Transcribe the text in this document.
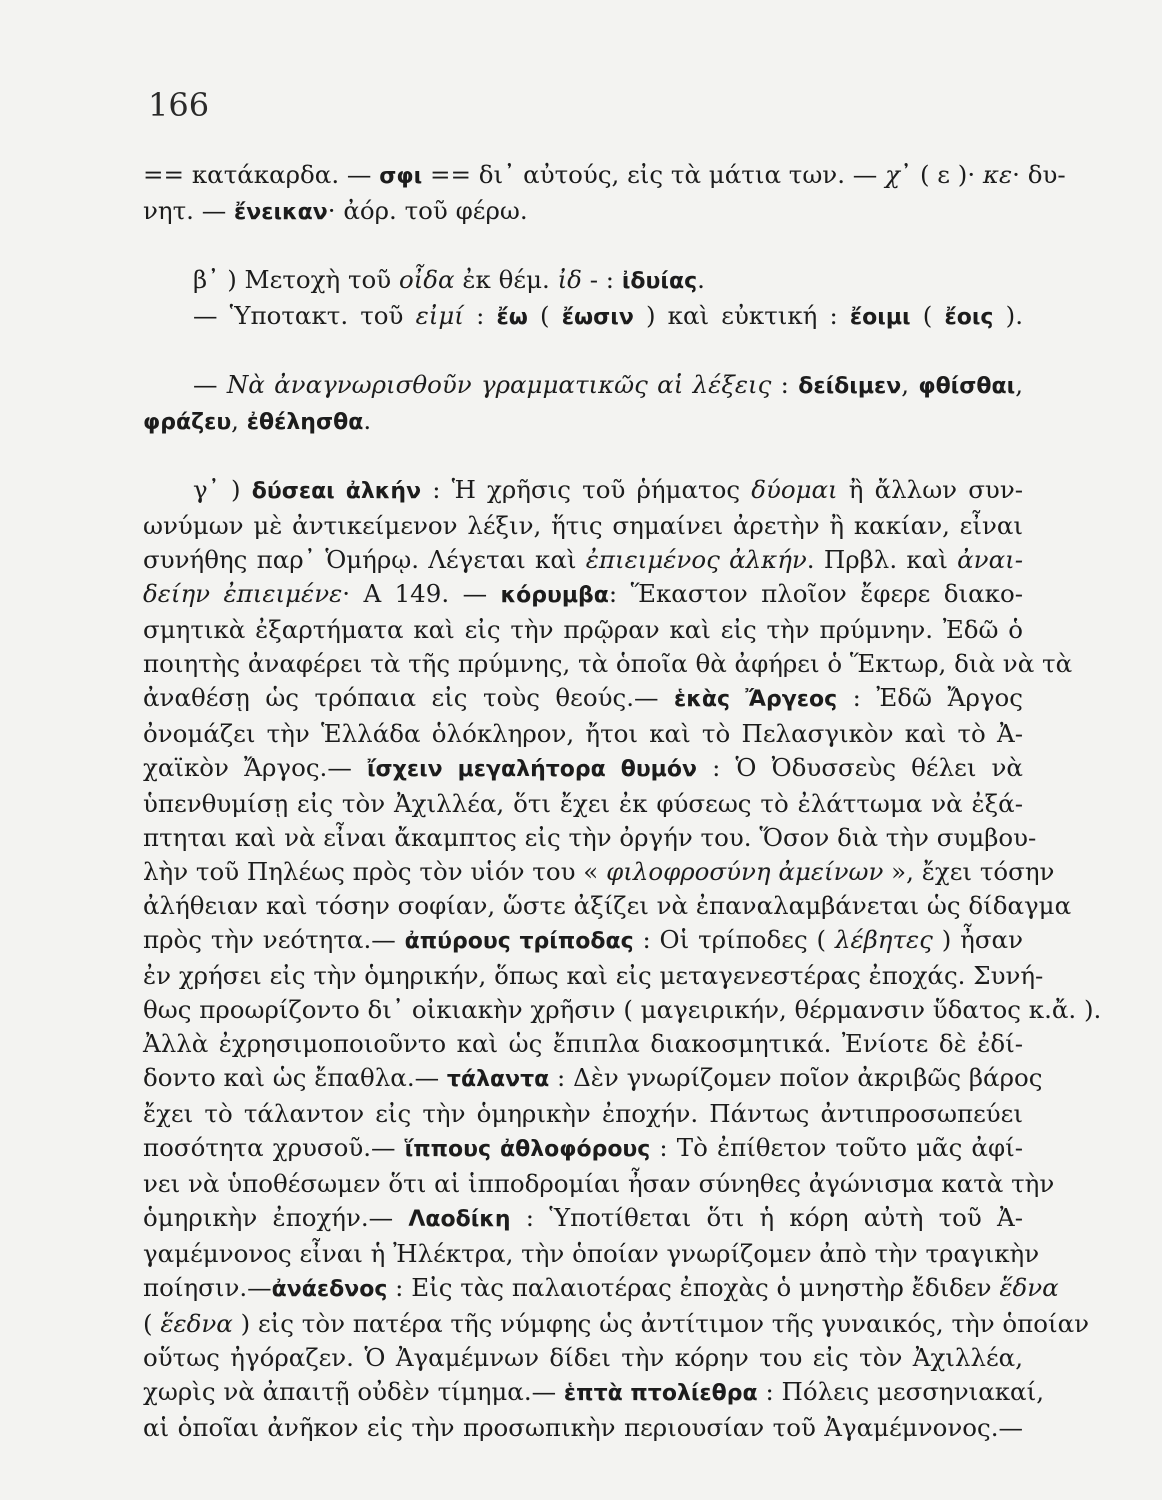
166
== κατάκαρδα. — σφι == δι᾽ αὐτούς, εἰς τὰ μάτια των. — χ᾽ ( ε )· κε· δυ-
νητ. — ἔνεικαν· ἀόρ. τοῦ φέρω.
β᾽ ) Μετοχὴ τοῦ οἶδα ἐκ θέμ. ἰδ - : ἰδυίας.
— Ὑποτακτ. τοῦ εἰμί : ἔω ( ἔωσιν ) καὶ εὐκτική : ἔοιμι ( ἔοις ).
— Νὰ ἀναγνωρισθοῦν γραμματικῶς αἱ λέξεις : δείδιμεν, φθίσθαι,
φράζευ, ἐθέλησθα.
γ᾽ ) δύσεαι ἀλκήν : Ἡ χρῆσις τοῦ ῥήματος δύομαι ἢ ἄλλων συν-
ωνύμων μὲ ἀντικείμενον λέξιν, ἥτις σημαίνει ἀρετὴν ἢ κακίαν, εἶναι
συνήθης παρ᾽ Ὁμήρῳ. Λέγεται καὶ ἐπιειμένος ἀλκήν. Πρβλ. καὶ ἀναι-
δείην ἐπιειμένε· Α 149. — κόρυμβα: Ἕκαστον πλοῖον ἔφερε διακο-
σμητικὰ ἐξαρτήματα καὶ εἰς τὴν πρῷραν καὶ εἰς τὴν πρύμνην. Ἐδῶ ὁ
ποιητὴς ἀναφέρει τὰ τῆς πρύμνης, τὰ ὁποῖα θὰ ἀφήρει ὁ Ἕκτωρ, διὰ νὰ τὰ
ἀναθέσῃ ὡς τρόπαια εἰς τοὺς θεούς.— ἑκὰς Ἄργεος : Ἐδῶ Ἄργος
ὀνομάζει τὴν Ἑλλάδα ὁλόκληρον, ἤτοι καὶ τὸ Πελασγικὸν καὶ τὸ Ἀ-
χαϊκὸν Ἄργος.— ἴσχειν μεγαλήτορα θυμόν : Ὁ Ὀδυσσεὺς θέλει νὰ
ὑπενθυμίσῃ εἰς τὸν Ἀχιλλέα, ὅτι ἔχει ἐκ φύσεως τὸ ἐλάττωμα νὰ ἐξά-
πτηται καὶ νὰ εἶναι ἄκαμπτος εἰς τὴν ὀργήν του. Ὅσον διὰ τὴν συμβου-
λὴν τοῦ Πηλέως πρὸς τὸν υἱόν του « φιλοφροσύνη ἀμείνων », ἔχει τόσην
ἀλήθειαν καὶ τόσην σοφίαν, ὥστε ἀξίζει νὰ ἐπαναλαμβάνεται ὡς δίδαγμα
πρὸς τὴν νεότητα.— ἀπύρους τρίποδας : Οἱ τρίποδες ( λέβητες ) ἦσαν
ἐν χρήσει εἰς τὴν ὁμηρικήν, ὅπως καὶ εἰς μεταγενεστέρας ἐποχάς. Συνή-
θως προωρίζοντο δι᾽ οἰκιακὴν χρῆσιν ( μαγειρικήν, θέρμανσιν ὕδατος κ.ἄ. ).
Ἀλλὰ ἐχρησιμοποιοῦντο καὶ ὡς ἔπιπλα διακοσμητικά. Ἐνίοτε δὲ ἐδί-
δοντο καὶ ὡς ἔπαθλα.— τάλαντα : Δὲν γνωρίζομεν ποῖον ἀκριβῶς βάρος
ἔχει τὸ τάλαντον εἰς τὴν ὁμηρικὴν ἐποχήν. Πάντως ἀντιπροσωπεύει
ποσότητα χρυσοῦ.— ἵππους ἀθλοφόρους : Τὸ ἐπίθετον τοῦτο μᾶς ἀφί-
νει νὰ ὑποθέσωμεν ὅτι αἱ ἱπποδρομίαι ἦσαν σύνηθες ἀγώνισμα κατὰ τὴν
ὁμηρικὴν ἐποχήν.— Λαοδίκη : Ὑποτίθεται ὅτι ἡ κόρη αὐτὴ τοῦ Ἀ-
γαμέμνονος εἶναι ἡ Ἠλέκτρα, τὴν ὁποίαν γνωρίζομεν ἀπὸ τὴν τραγικὴν
ποίησιν.—ἀνάεδνος : Εἰς τὰς παλαιοτέρας ἐποχὰς ὁ μνηστὴρ ἔδιδεν ἕδνα
( ἕεδνα ) εἰς τὸν πατέρα τῆς νύμφης ὡς ἀντίτιμον τῆς γυναικός, τὴν ὁποίαν
οὕτως ἠγόραζεν. Ὁ Ἀγαμέμνων δίδει τὴν κόρην του εἰς τὸν Ἀχιλλέα,
χωρὶς νὰ ἀπαιτῇ οὐδὲν τίμημα.— ἑπτὰ πτολίεθρα : Πόλεις μεσσηνιακαί,
αἱ ὁποῖαι ἀνῆκον εἰς τὴν προσωπικὴν περιουσίαν τοῦ Ἀγαμέμνονος.—
